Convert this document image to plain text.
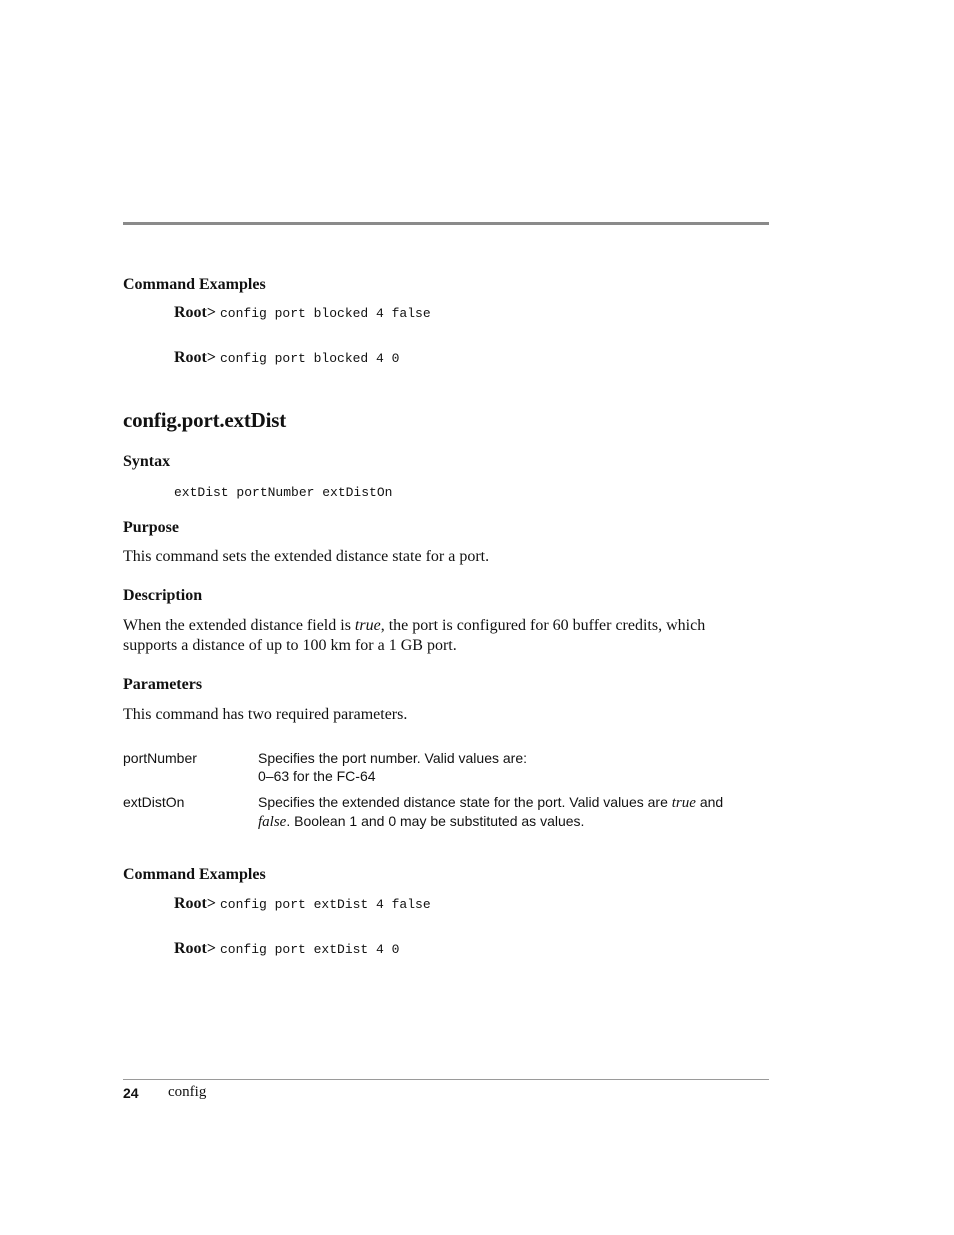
Command Examples
Root> config port blocked 4 false
Root> config port blocked 4 0
config.port.extDist
Syntax
extDist portNumber extDistOn
Purpose
This command sets the extended distance state for a port.
Description
When the extended distance field is true, the port is configured for 60 buffer credits, which
supports a distance of up to 100 km for a 1 GB port.
Parameters
This command has two required parameters.
portNumber	Specifies the port number. Valid values are:
0–63 for the FC-64
extDistOn	Specifies the extended distance state for the port. Valid values are true and
false. Boolean 1 and 0 may be substituted as values.
Command Examples
Root> config port extDist 4 false
Root> config port extDist 4 0
24 config
